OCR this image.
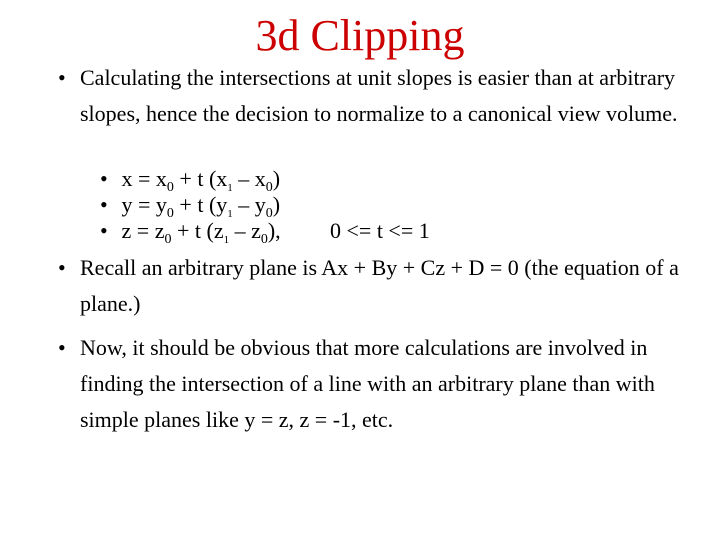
3d Clipping
• Calculating the intersections at unit slopes is easier than at arbitrary slopes, hence the decision to normalize to a canonical view volume.
• $x = x_0 + t$ $(x_1 - x_0)$
• $y = y_0 + t$ $(y_1 - y_0)$
• $z = z_0 + t$ $(z_1 - z_0)$, 0 <= t <= 1
• Recall an arbitrary plane is Ax + By + Cz + D = 0 (the equation of a plane.)
• Now, it should be obvious that more calculations are involved in finding the intersection of a line with an arbitrary plane than with simple planes like y = z, z = -1, etc.
